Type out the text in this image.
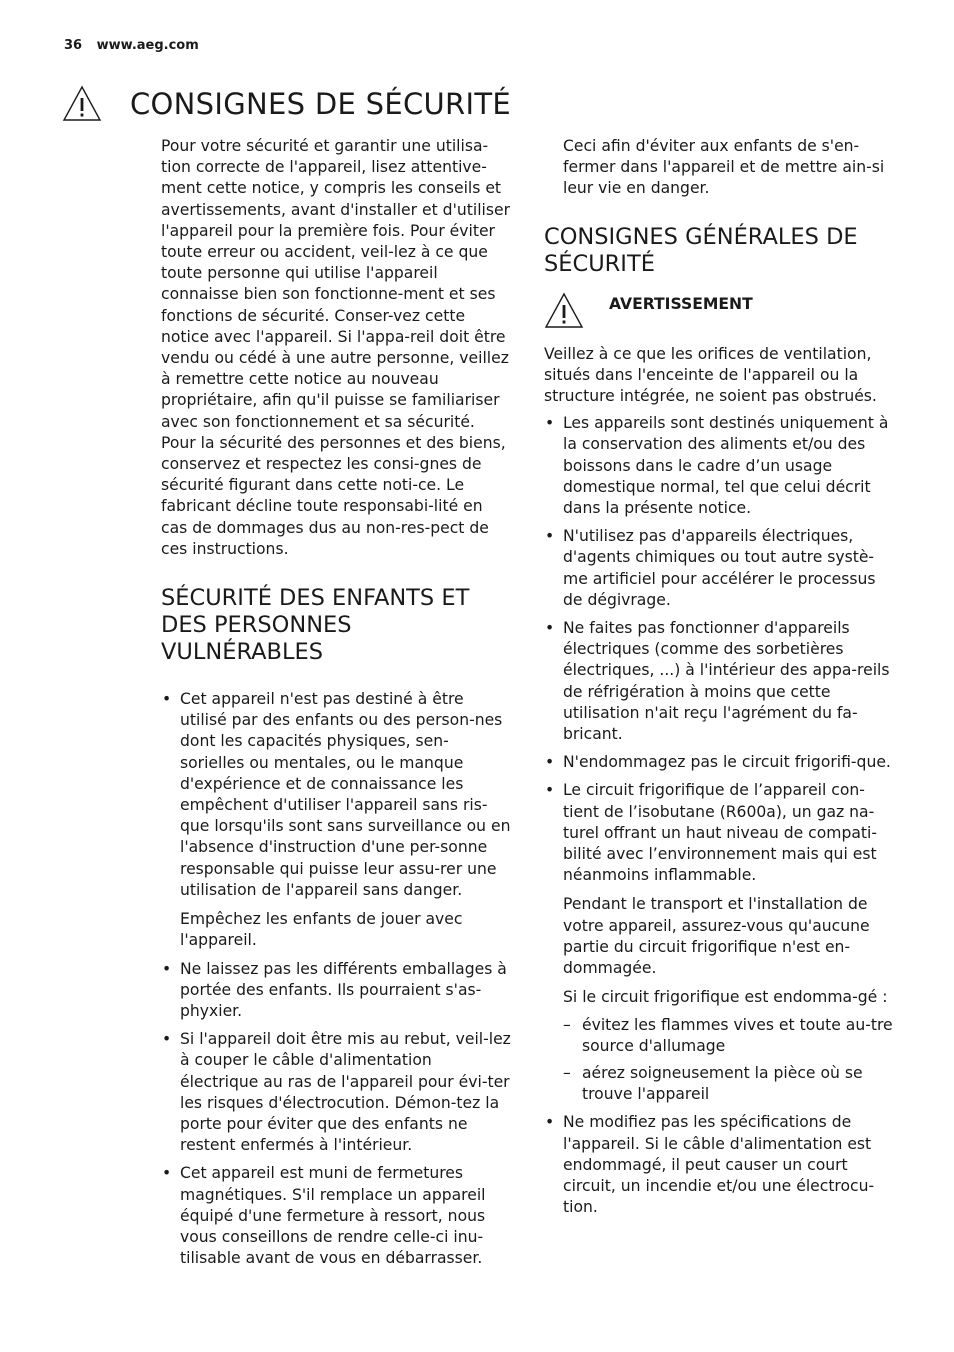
36 www.aeg.com
CONSIGNES DE SÉCURITÉ

Pour votre sécurité et garantir une utilisa-tion correcte de l'appareil, lisez attentive-ment cette notice, y compris les conseils et avertissements, avant d'installer et d'utiliser l'appareil pour la première fois. Pour éviter toute erreur ou accident, veil-lez à ce que toute personne qui utilise l'appareil connaisse bien son fonctionne-ment et ses fonctions de sécurité. Conser-vez cette notice avec l'appareil. Si l'appa-reil doit être vendu ou cédé à une autre personne, veillez à remettre cette notice au nouveau propriétaire, afin qu'il puisse se familiariser avec son fonctionnement et sa sécurité.

Pour la sécurité des personnes et des biens, conservez et respectez les consi-gnes de sécurité figurant dans cette noti-ce. Le fabricant décline toute responsabi-lité en cas de dommages dus au non-res-pect de ces instructions.

SÉCURITÉ DES ENFANTS ET DES PERSONNES VULNÉRABLES

• Cet appareil n'est pas destiné à être utilisé par des enfants ou des person-nes dont les capacités physiques, sen-sorielles ou mentales, ou le manque d'expérience et de connaissance les empêchent d'utiliser l'appareil sans ris-que lorsqu'ils sont sans surveillance ou en l'absence d'instruction d'une per-sonne responsable qui puisse leur assu-rer une utilisation de l'appareil sans danger.

Empêchez les enfants de jouer avec l'appareil.

• Ne laissez pas les différents emballages à portée des enfants. Ils pourraient s'as-phyxier.

• Si l'appareil doit être mis au rebut, veil-lez à couper le câble d'alimentation électrique au ras de l'appareil pour évi-ter les risques d'électrocution. Démon-tez la porte pour éviter que des enfants ne restent enfermés à l'intérieur.

• Cet appareil est muni de fermetures magnétiques. S'il remplace un appareil équipé d'une fermeture à ressort, nous vous conseillons de rendre celle-ci inu-tilisable avant de vous en débarrasser.

Ceci afin d'éviter aux enfants de s'en-fermer dans l'appareil et de mettre ain-si leur vie en danger.

CONSIGNES GÉNÉRALES DE SÉCURITÉ
AVERTISSEMENT

Veillez à ce que les orifices de ventilation, situés dans l'enceinte de l'appareil ou la structure intégrée, ne soient pas obstrués.

• Les appareils sont destinés uniquement à la conservation des aliments et/ou des boissons dans le cadre d’un usage domestique normal, tel que celui décrit dans la présente notice.

• N'utilisez pas d'appareils électriques, d'agents chimiques ou tout autre systè-me artificiel pour accélérer le processus de dégivrage.

• Ne faites pas fonctionner d'appareils électriques (comme des sorbetières électriques, ...) à l'intérieur des appa-reils de réfrigération à moins que cette utilisation n'ait reçu l'agrément du fa-bricant.

• N'endommagez pas le circuit frigorifi-que.

• Le circuit frigorifique de l’appareil con-tient de l’isobutane (R600a), un gaz na-turel offrant un haut niveau de compati-bilité avec l’environnement mais qui est néanmoins inflammable.

Pendant le transport et l'installation de votre appareil, assurez-vous qu'aucune partie du circuit frigorifique n'est en-dommagée.

Si le circuit frigorifique est endomma-gé :

– évitez les flammes vives et toute au-tre source d'allumage
– aérez soigneusement la pièce où se trouve l'appareil

• Ne modifiez pas les spécifications de l'appareil. Si le câble d'alimentation est endommagé, il peut causer un court circuit, un incendie et/ou une électrocu-tion.
